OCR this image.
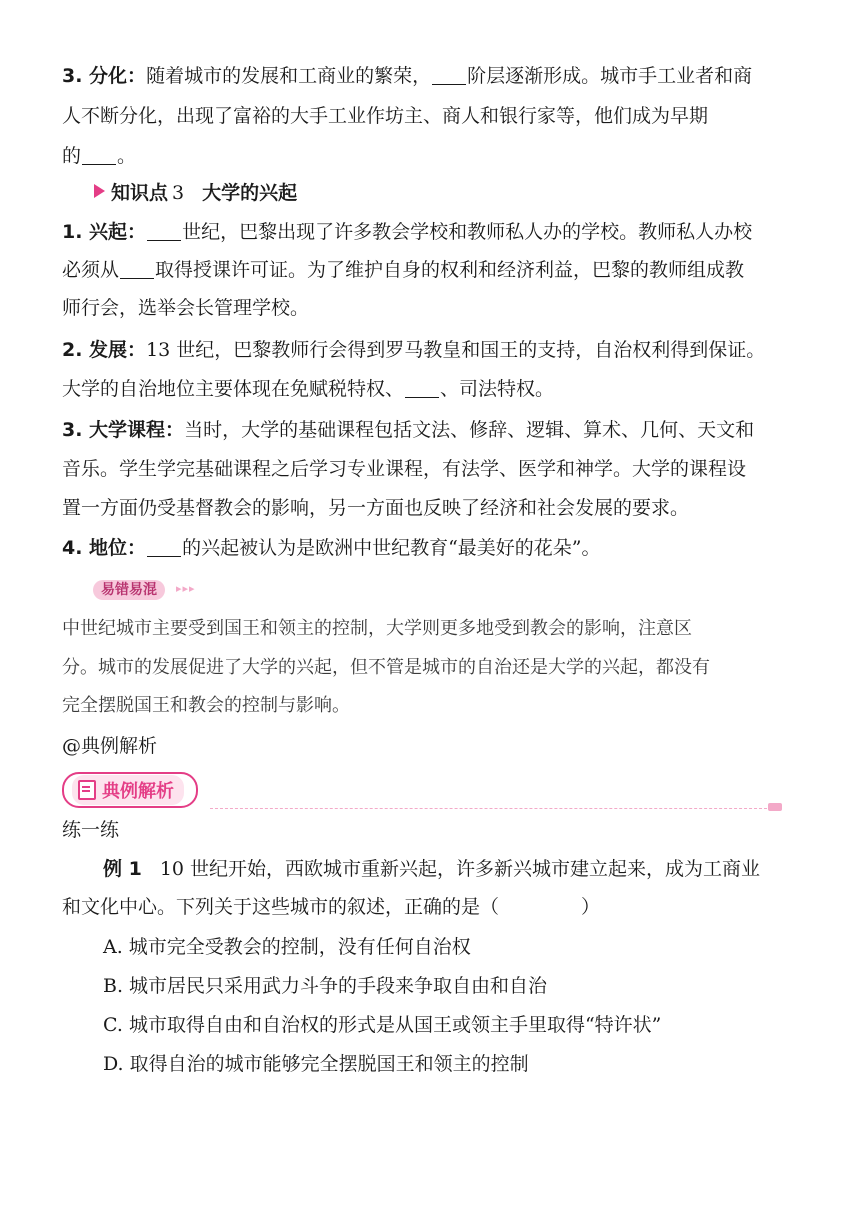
3. 分化：随着城市的发展和工商业的繁荣， 阶层逐渐形成。城市手工业者和商
人不断分化，出现了富裕的大手工业作坊主、商人和银行家等，他们成为早期
的 。
知识点 3 大学的兴起
1. 兴起： 世纪，巴黎出现了许多教会学校和教师私人办的学校。教师私人办校
必须从 取得授课许可证。为了维护自身的权利和经济利益，巴黎的教师组成教
师行会，选举会长管理学校。
2. 发展：13 世纪，巴黎教师行会得到罗马教皇和国王的支持，自治权利得到保证。
大学的自治地位主要体现在免赋税特权、 、司法特权。
3. 大学课程：当时，大学的基础课程包括文法、修辞、逻辑、算术、几何、天文和
音乐。学生学完基础课程之后学习专业课程，有法学、医学和神学。大学的课程设
置一方面仍受基督教会的影响，另一方面也反映了经济和社会发展的要求。
4. 地位： 的兴起被认为是欧洲中世纪教育“最美好的花朵”。
易错易混	▸▸▸
中世纪城市主要受到国王和领主的控制，大学则更多地受到教会的影响，注意区
分。城市的发展促进了大学的兴起，但不管是城市的自治还是大学的兴起，都没有
完全摆脱国王和教会的控制与影响。
@典例解析
典例解析
练一练
例 1 10 世纪开始，西欧城市重新兴起，许多新兴城市建立起来，成为工商业
和文化中心。下列关于这些城市的叙述，正确的是（	）
A. 城市完全受教会的控制，没有任何自治权
B. 城市居民只采用武力斗争的手段来争取自由和自治
C. 城市取得自由和自治权的形式是从国王或领主手里取得“特许状”
D. 取得自治的城市能够完全摆脱国王和领主的控制
